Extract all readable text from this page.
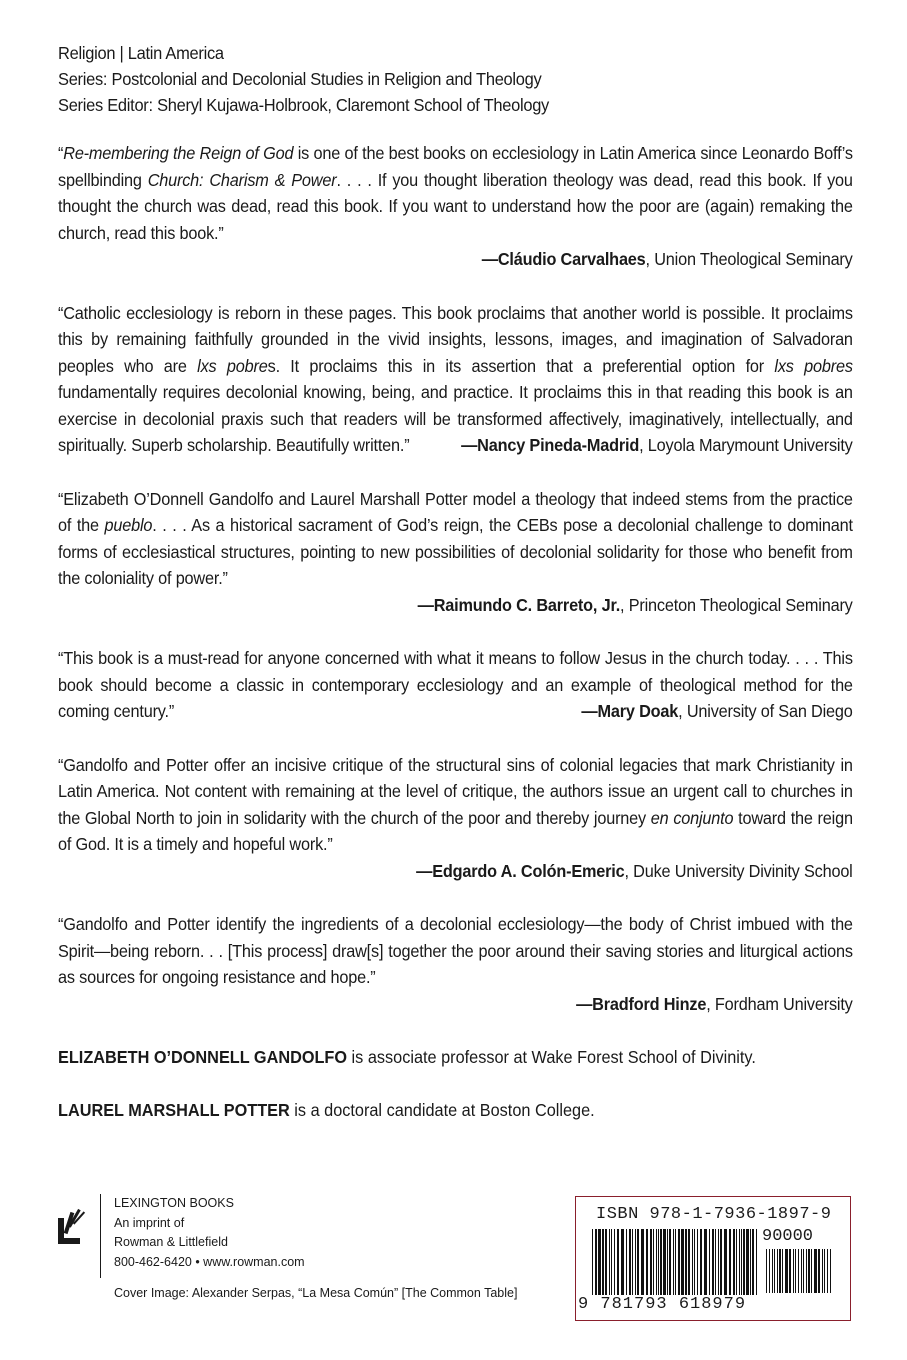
Religion | Latin America
Series: Postcolonial and Decolonial Studies in Religion and Theology
Series Editor: Sheryl Kujawa-Holbrook, Claremont School of Theology

“Re-membering the Reign of God is one of the best books on ecclesiology in Latin America since Leonardo Boff’s spellbinding Church: Charism & Power. . . . If you thought liberation theology was dead, read this book. If you thought the church was dead, read this book. If you want to understand how the poor are (again) remaking the church, read this book.”

—Cláudio Carvalhaes, Union Theological Seminary

“Catholic ecclesiology is reborn in these pages. This book proclaims that another world is possible. It proclaims this by remaining faithfully grounded in the vivid insights, lessons, images, and imagination of Salvadoran peoples who are lxs pobres. It proclaims this in its assertion that a preferential option for lxs pobres fundamentally requires decolonial knowing, being, and practice. It proclaims this in that reading this book is an exercise in decolonial praxis such that readers will be transformed affectively, imaginatively, intellectually, and spiritually. Superb scholarship. Beautifully written.”	—Nancy Pineda-Madrid, Loyola Marymount University

“Elizabeth O’Donnell Gandolfo and Laurel Marshall Potter model a theology that indeed stems from the practice of the pueblo. . . . As a historical sacrament of God’s reign, the CEBs pose a decolonial challenge to dominant forms of ecclesiastical structures, pointing to new possibilities of decolonial solidarity for those who benefit from the coloniality of power.”

—Raimundo C. Barreto, Jr., Princeton Theological Seminary

“This book is a must-read for anyone concerned with what it means to follow Jesus in the church today. . . . This book should become a classic in contemporary ecclesiology and an example of theological method for the coming century.”	—Mary Doak, University of San Diego

“Gandolfo and Potter offer an incisive critique of the structural sins of colonial legacies that mark Christianity in Latin America. Not content with remaining at the level of critique, the authors issue an urgent call to churches in the Global North to join in solidarity with the church of the poor and thereby journey en conjunto toward the reign of God. It is a timely and hopeful work.”

—Edgardo A. Colón-Emeric, Duke University Divinity School

“Gandolfo and Potter identify the ingredients of a decolonial ecclesiology—the body of Christ imbued with the Spirit—being reborn. . . [This process] draw[s] together the poor around their saving stories and liturgical actions as sources for ongoing resistance and hope.”

—Bradford Hinze, Fordham University

ELIZABETH O’DONNELL GANDOLFO is associate professor at Wake Forest School of Divinity.
LAUREL MARSHALL POTTER is a doctoral candidate at Boston College.
LEXINGTON BOOKS
An imprint of
Rowman & Littlefield
800-462-6420 • www.rowman.com
Cover Image: Alexander Serpas, “La Mesa Común” [The Common Table]
ISBN 978-1-7936-1897-9
90000
9 781793 618979
